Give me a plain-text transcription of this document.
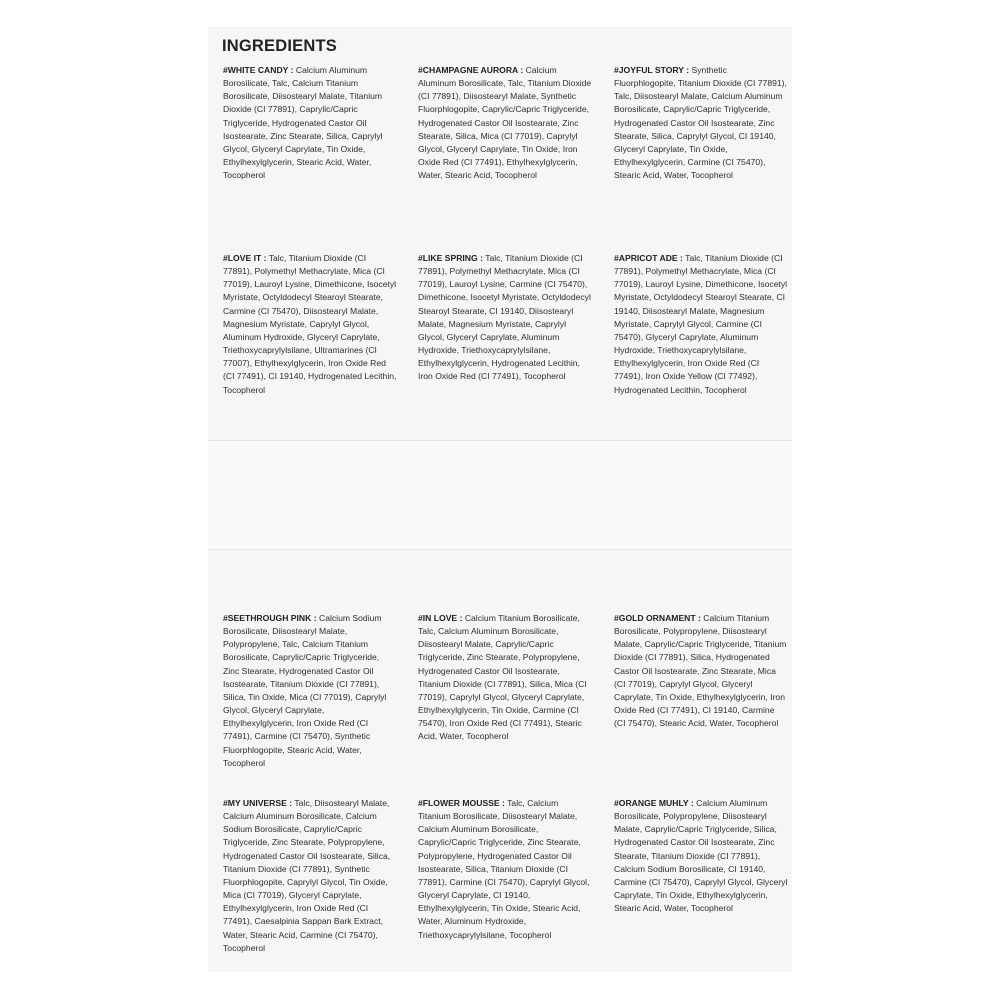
INGREDIENTS

#WHITE CANDY : Calcium Aluminum Borosilicate, Talc, Calcium Titanium Borosilicate, Diisostearyl Malate, Titanium Dioxide (CI 77891), Caprylic/Capric Triglyceride, Hydrogenated Castor Oil Isostearate, Zinc Stearate, Silica, Caprylyl Glycol, Glyceryl Caprylate, Tin Oxide, Ethylhexylglycerin, Stearic Acid, Water, Tocopherol

#CHAMPAGNE AURORA : Calcium Aluminum Borosilicate, Talc, Titanium Dioxide (CI 77891), Diisostearyl Malate, Synthetic Fluorphlogopite, Caprylic/Capric Triglyceride, Hydrogenated Castor Oil Isostearate, Zinc Stearate, Silica, Mica (CI 77019), Caprylyl Glycol, Glyceryl Caprylate, Tin Oxide, Iron Oxide Red (CI 77491), Ethylhexylglycerin, Water, Stearic Acid, Tocopherol

#JOYFUL STORY : Synthetic Fluorphlogopite, Titanium Dioxide (CI 77891), Talc, Diisostearyl Malate, Calcium Aluminum Borosilicate, Caprylic/Capric Triglyceride, Hydrogenated Castor Oil Isostearate, Zinc Stearate, Silica, Caprylyl Glycol, CI 19140, Glyceryl Caprylate, Tin Oxide, Ethylhexylglycerin, Carmine (CI 75470), Stearic Acid, Water, Tocopherol

#LOVE IT : Talc, Titanium Dioxide (CI 77891), Polymethyl Methacrylate, Mica (CI 77019), Lauroyl Lysine, Dimethicone, Isocetyl Myristate, Octyldodecyl Stearoyl Stearate, Carmine (CI 75470), Diisostearyl Malate, Magnesium Myristate, Caprylyl Glycol, Aluminum Hydroxide, Glyceryl Caprylate, Triethoxycaprylylsilane, Ultramarines (CI 77007), Ethylhexylglycerin, Iron Oxide Red (CI 77491), CI 19140, Hydrogenated Lecithin, Tocopherol

#LIKE SPRING : Talc, Titanium Dioxide (CI 77891), Polymethyl Methacrylate, Mica (CI 77019), Lauroyl Lysine, Carmine (CI 75470), Dimethicone, Isocetyl Myristate, Octyldodecyl Stearoyl Stearate, CI 19140, Diisostearyl Malate, Magnesium Myristate, Caprylyl Glycol, Glyceryl Caprylate, Aluminum Hydroxide, Triethoxycaprylylsilane, Ethylhexylglycerin, Hydrogenated Lecithin, Iron Oxide Red (CI 77491), Tocopherol

#APRICOT ADE : Talc, Titanium Dioxide (CI 77891), Polymethyl Methacrylate, Mica (CI 77019), Lauroyl Lysine, Dimethicone, Isocetyl Myristate, Octyldodecyl Stearoyl Stearate, CI 19140, Diisostearyl Malate, Magnesium Myristate, Caprylyl Glycol, Carmine (CI 75470), Glyceryl Caprylate, Aluminum Hydroxide, Triethoxycaprylylsilane, Ethylhexylglycerin, Iron Oxide Red (CI 77491), Iron Oxide Yellow (CI 77492), Hydrogenated Lecithin, Tocopherol

#SEETHROUGH PINK : Calcium Sodium Borosilicate, Diisostearyl Malate, Polypropylene, Talc, Calcium Titanium Borosilicate, Caprylic/Capric Triglyceride, Zinc Stearate, Hydrogenated Castor Oil Isostearate, Titanium Dioxide (CI 77891), Silica, Tin Oxide, Mica (CI 77019), Caprylyl Glycol, Glyceryl Caprylate, Ethylhexylglycerin, Iron Oxide Red (CI 77491), Carmine (CI 75470), Synthetic Fluorphlogopite, Stearic Acid, Water, Tocopherol

#IN LOVE : Calcium Titanium Borosilicate, Talc, Calcium Aluminum Borosilicate, Diisostearyl Malate, Caprylic/Capric Triglyceride, Zinc Stearate, Polypropylene, Hydrogenated Castor Oil Isostearate, Titanium Dioxide (CI 77891), Silica, Mica (CI 77019), Caprylyl Glycol, Glyceryl Caprylate, Ethylhexylglycerin, Tin Oxide, Carmine (CI 75470), Iron Oxide Red (CI 77491), Stearic Acid, Water, Tocopherol

#GOLD ORNAMENT : Calcium Titanium Borosilicate, Polypropylene, Diisostearyl Malate, Caprylic/Capric Triglyceride, Titanium Dioxide (CI 77891), Silica, Hydrogenated Castor Oil Isostearate, Zinc Stearate, Mica (CI 77019), Caprylyl Glycol, Glyceryl Caprylate, Tin Oxide, Ethylhexylglycerin, Iron Oxide Red (CI 77491), CI 19140, Carmine (CI 75470), Stearic Acid, Water, Tocopherol

#MY UNIVERSE : Talc, Diisostearyl Malate, Calcium Aluminum Borosilicate, Calcium Sodium Borosilicate, Caprylic/Capric Triglyceride, Zinc Stearate, Polypropylene, Hydrogenated Castor Oil Isostearate, Silica, Titanium Dioxide (CI 77891), Synthetic Fluorphlogopite, Caprylyl Glycol, Tin Oxide, Mica (CI 77019), Glyceryl Caprylate, Ethylhexylglycerin, Iron Oxide Red (CI 77491), Caesalpinia Sappan Bark Extract, Water, Stearic Acid, Carmine (CI 75470), Tocopherol

#FLOWER MOUSSE : Talc, Calcium Titanium Borosilicate, Diisostearyl Malate, Calcium Aluminum Borosilicate, Caprylic/Capric Triglyceride, Zinc Stearate, Polypropylene, Hydrogenated Castor Oil Isostearate, Silica, Titanium Dioxide (CI 77891), Carmine (CI 75470), Caprylyl Glycol, Glyceryl Caprylate, CI 19140, Ethylhexylglycerin, Tin Oxide, Stearic Acid, Water, Aluminum Hydroxide, Triethoxycaprylylsilane, Tocopherol

#ORANGE MUHLY : Calcium Aluminum Borosilicate, Polypropylene, Diisostearyl Malate, Caprylic/Capric Triglyceride, Silica, Hydrogenated Castor Oil Isostearate, Zinc Stearate, Titanium Dioxide (CI 77891), Calcium Sodium Borosilicate, CI 19140, Carmine (CI 75470), Caprylyl Glycol, Glyceryl Caprylate, Tin Oxide, Ethylhexylglycerin, Stearic Acid, Water, Tocopherol
